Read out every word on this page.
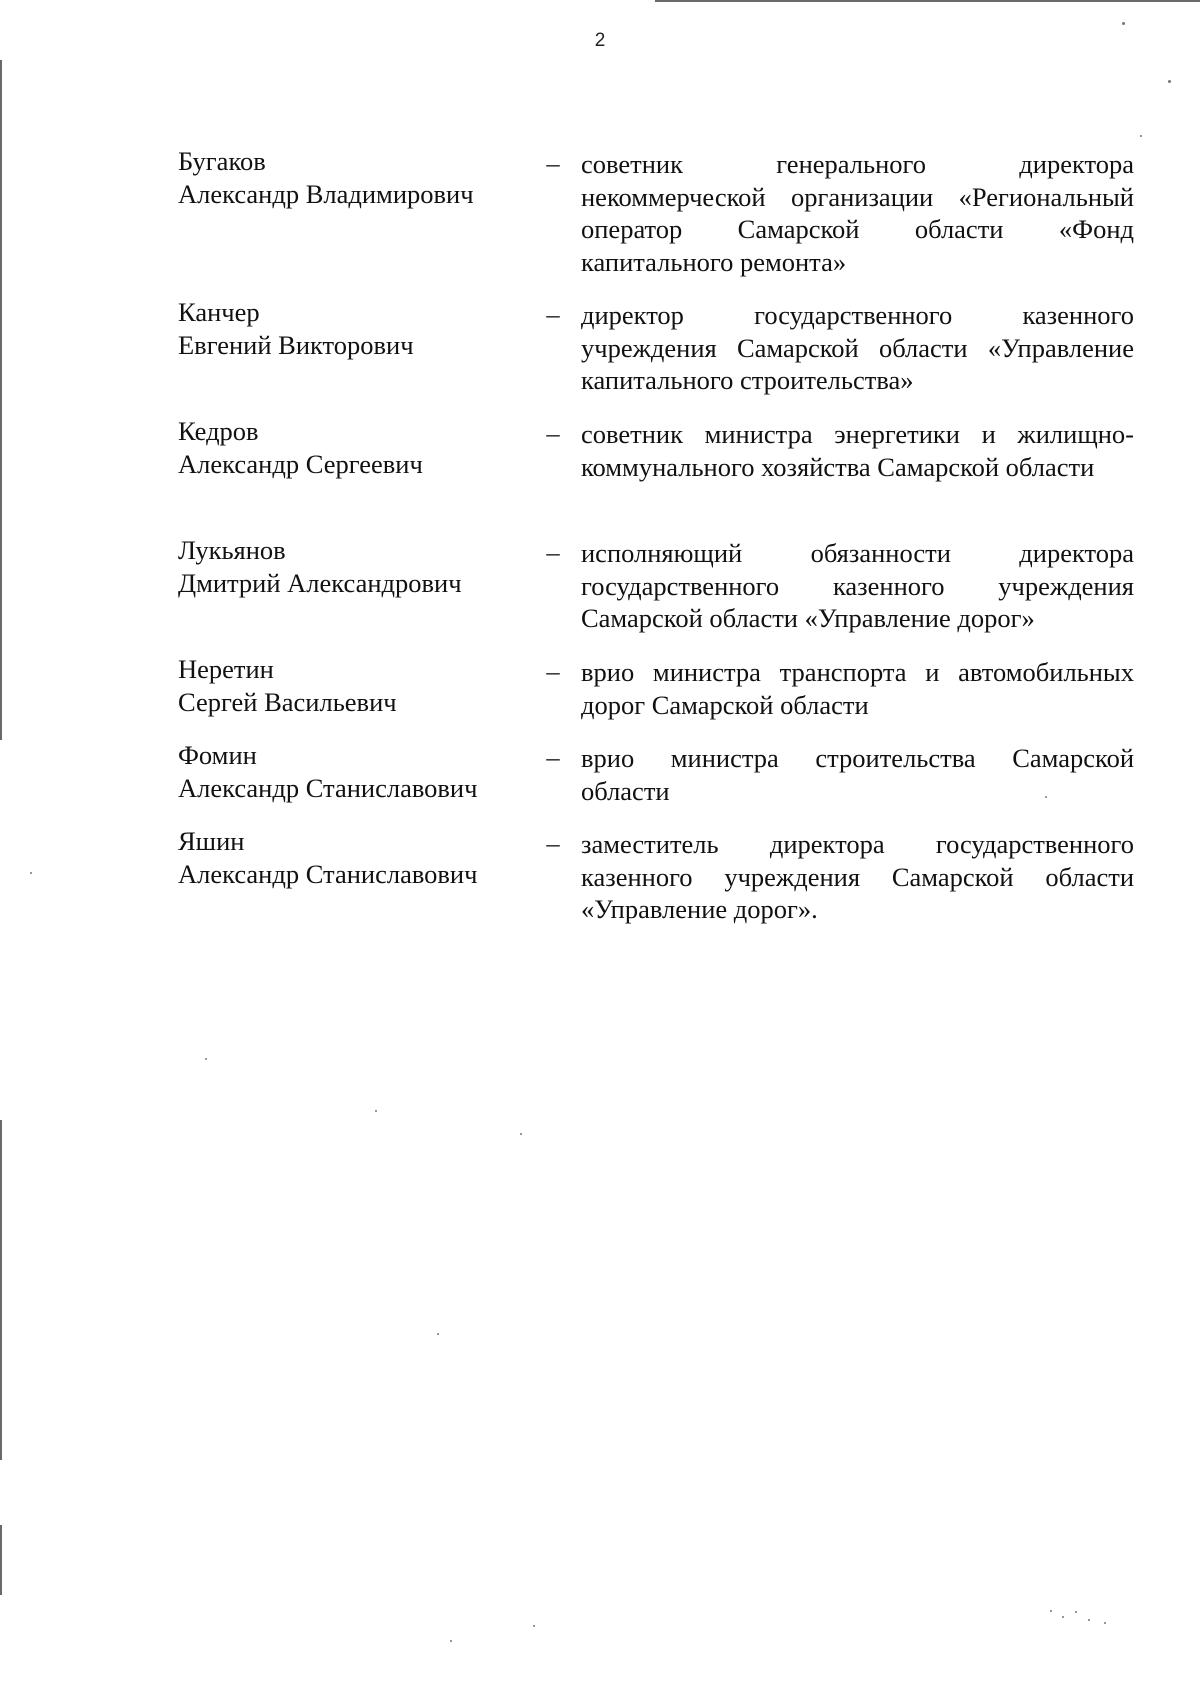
2
Бугаков
Александр Владимирович
– советник генерального директора некоммерческой организации «Региональный оператор Самарской области «Фонд капитального ремонта»
Канчер
Евгений Викторович
– директор государственного казенного учреждения Самарской области «Управление капитального строительства»
Кедров
Александр Сергеевич
– советник министра энергетики и жилищно-коммунального хозяйства Самарской области
Лукьянов
Дмитрий Александрович
– исполняющий обязанности директора государственного казенного учреждения Самарской области «Управление дорог»
Неретин
Сергей Васильевич
– врио министра транспорта и автомобильных дорог Самарской области
Фомин
Александр Станиславович
– врио министра строительства Самарской области
Яшин
Александр Станиславович
– заместитель директора государственного казенного учреждения Самарской области «Управление дорог».
